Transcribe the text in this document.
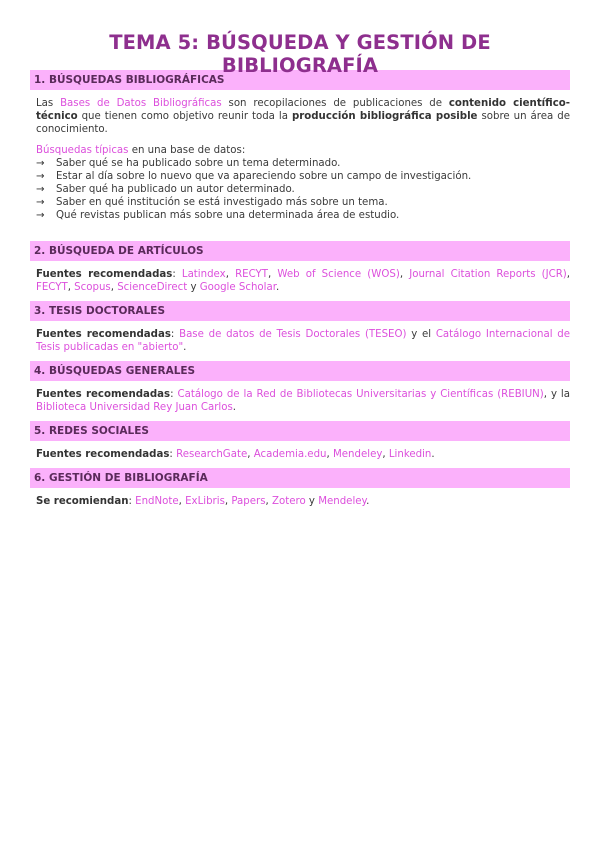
TEMA 5: BÚSQUEDA Y GESTIÓN DE BIBLIOGRAFÍA
1. BÚSQUEDAS BIBLIOGRÁFICAS

Las Bases de Datos Bibliográficas son recopilaciones de publicaciones de contenido científico-técnico que tienen como objetivo reunir toda la producción bibliográfica posible sobre un área de conocimiento.

Búsquedas típicas en una base de datos:

→ Saber qué se ha publicado sobre un tema determinado.
→ Estar al día sobre lo nuevo que va apareciendo sobre un campo de investigación.
→ Saber qué ha publicado un autor determinado.
→ Saber en qué institución se está investigado más sobre un tema.
→ Qué revistas publican más sobre una determinada área de estudio.
2. BÚSQUEDA DE ARTÍCULOS

Fuentes recomendadas: Latindex, RECYT, Web of Science (WOS), Journal Citation Reports (JCR), FECYT, Scopus, ScienceDirect y Google Scholar.

3. TESIS DOCTORALES

Fuentes recomendadas: Base de datos de Tesis Doctorales (TESEO) y el Catálogo Internacional de Tesis publicadas en "abierto".

4. BÚSQUEDAS GENERALES

Fuentes recomendadas: Catálogo de la Red de Bibliotecas Universitarias y Científicas (REBIUN), y la Biblioteca Universidad Rey Juan Carlos.

5. REDES SOCIALES

Fuentes recomendadas: ResearchGate, Academia.edu, Mendeley, Linkedin.

6. GESTIÓN DE BIBLIOGRAFÍA

Se recomiendan: EndNote, ExLibris, Papers, Zotero y Mendeley.
